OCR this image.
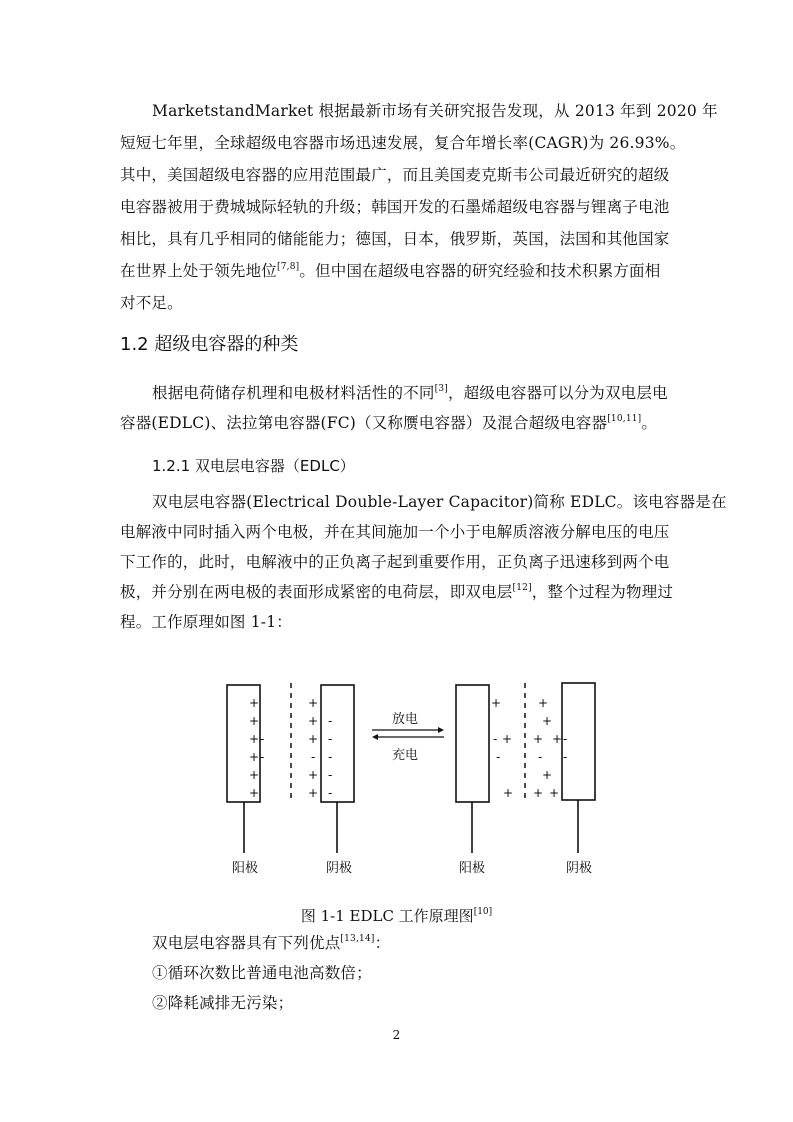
MarketstandMarket 根据最新市场有关研究报告发现，从 2013 年到 2020 年
短短七年里，全球超级电容器市场迅速发展，复合年增长率(CAGR)为 26.93%。
其中，美国超级电容器的应用范围最广，而且美国麦克斯韦公司最近研究的超级
电容器被用于费城城际轻轨的升级；韩国开发的石墨烯超级电容器与锂离子电池
相比，具有几乎相同的储能能力；德国，日本，俄罗斯，英国，法国和其他国家
在世界上处于领先地位[7,8]。但中国在超级电容器的研究经验和技术积累方面相
对不足。
1.2 超级电容器的种类
根据电荷储存机理和电极材料活性的不同[3]，超级电容器可以分为双电层电
容器(EDLC)、法拉第电容器(FC)（又称赝电容器）及混合超级电容器[10,11]。
1.2.1 双电层电容器（EDLC）
双电层电容器(Electrical Double-Layer Capacitor)简称 EDLC。该电容器是在
电解液中同时插入两个电极，并在其间施加一个小于电解质溶液分解电压的电压
下工作的，此时，电解液中的正负离子起到重要作用，正负离子迅速移到两个电
极，并分别在两电极的表面形成紧密的电荷层，即双电层[12]，整个过程为物理过
程。工作原理如图 1-1：
放电
充电
+
+
+ -
+ -
+
+
+
+ -
+ -
- -
+ -
+ -
+
- +
-
+
+
+
+ + -
- -
+
+ +
阳极	阴极	阳极	阴极
图 1-1 EDLC 工作原理图[10]
双电层电容器具有下列优点[13,14]：
①循环次数比普通电池高数倍；
②降耗减排无污染；
2
